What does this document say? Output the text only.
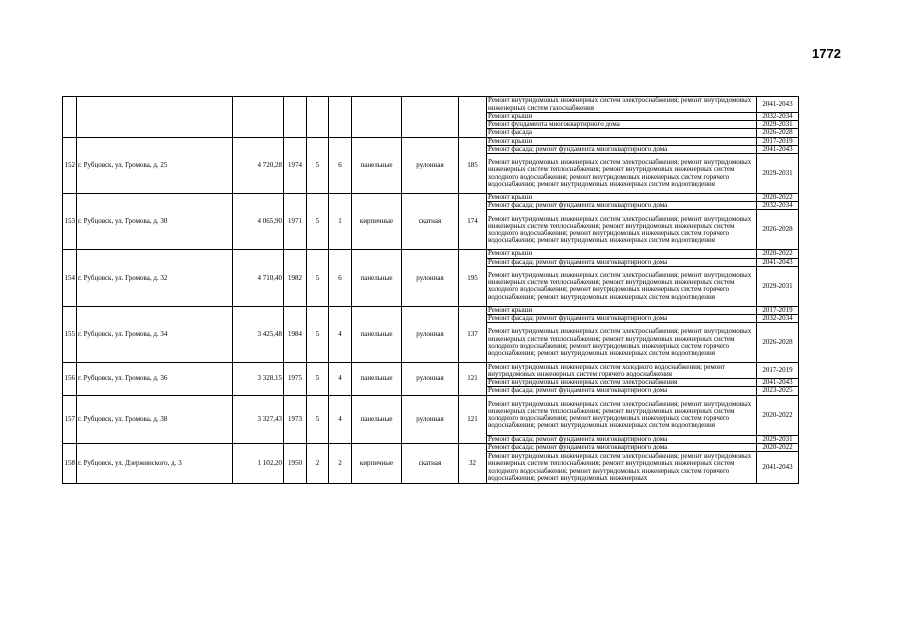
1772
									Ремонт внутридомовых инженерных систем электроснабжения; ремонт внутридомовых инженерных систем газоснабжения	2041-2043
									Ремонт крыши	2032-2034
									Ремонт фундамента многоквартирного дома	2029-2031
									Ремонт фасада	2026-2028
152	г. Рубцовск, ул. Громова, д. 25	4 720,28	1974	5	6	панельные	рулонная	185	Ремонт крыши	2017-2019
									Ремонт фасада; ремонт фундамента многоквартирного дома	2041-2043
									Ремонт внутридомовых инженерных систем электроснабжения; ремонт внутридомовых инженерных систем теплоснабжения; ремонт внутридомовых инженерных систем холодного водоснабжения; ремонт внутридомовых инженерных систем горячего водоснабжения; ремонт внутридомовых инженерных систем водоотведения	2029-2031
153	г. Рубцовск, ул. Громова, д. 30	4 065,90	1971	5	1	кирпичные	скатная	174	Ремонт крыши	2020-2022
									Ремонт фасада; ремонт фундамента многоквартирного дома	2032-2034
									Ремонт внутридомовых инженерных систем электроснабжения; ремонт внутридомовых инженерных систем теплоснабжения; ремонт внутридомовых инженерных систем холодного водоснабжения; ремонт внутридомовых инженерных систем горячего водоснабжения; ремонт внутридомовых инженерных систем водоотведения	2026-2028
154	г. Рубцовск, ул. Громова, д. 32	4 710,40	1982	5	6	панельные	рулонная	195	Ремонт крыши	2020-2022
									Ремонт фасада; ремонт фундамента многоквартирного дома	2041-2043
									Ремонт внутридомовых инженерных систем электроснабжения; ремонт внутридомовых инженерных систем теплоснабжения; ремонт внутридомовых инженерных систем холодного водоснабжения; ремонт внутридомовых инженерных систем горячего водоснабжения; ремонт внутридомовых инженерных систем водоотведения	2029-2031
155	г. Рубцовск, ул. Громова, д. 34	3 425,48	1984	5	4	панельные	рулонная	137	Ремонт крыши	2017-2019
									Ремонт фасада; ремонт фундамента многоквартирного дома	2032-2034
									Ремонт внутридомовых инженерных систем электроснабжения; ремонт внутридомовых инженерных систем теплоснабжения; ремонт внутридомовых инженерных систем холодного водоснабжения; ремонт внутридомовых инженерных систем горячего водоснабжения; ремонт внутридомовых инженерных систем водоотведения	2026-2028
156	г. Рубцовск, ул. Громова, д. 36	3 328,15	1975	5	4	панельные	рулонная	121	Ремонт внутридомовых инженерных систем холодного водоснабжения; ремонт внутридомовых инженерных систем горячего водоснабжения	2017-2019
									Ремонт внутридомовых инженерных систем электроснабжения	2041-2043
									Ремонт фасада; ремонт фундамента многоквартирного дома	2023-2025
157	г. Рубцовск, ул. Громова, д. 38	3 327,43	1973	5	4	панельные	рулонная	121	Ремонт внутридомовых инженерных систем электроснабжения; ремонт внутридомовых инженерных систем теплоснабжения; ремонт внутридомовых инженерных систем холодного водоснабжения; ремонт внутридомовых инженерных систем горячего водоснабжения; ремонт внутридомовых инженерных систем водоотведения	2020-2022
									Ремонт фасада; ремонт фундамента многоквартирного дома	2029-2031
158	г. Рубцовск, ул. Дзержинского, д. 3	1 102,20	1950	2	2	кирпичные	скатная	32	Ремонт фасада; ремонт фундамента многоквартирного дома	2020-2022
									Ремонт внутридомовых инженерных систем электроснабжения; ремонт внутридомовых инженерных систем теплоснабжения; ремонт внутридомовых инженерных систем холодного водоснабжения; ремонт внутридомовых инженерных систем горячего водоснабжения; ремонт внутридомовых инженерных	2041-2043
